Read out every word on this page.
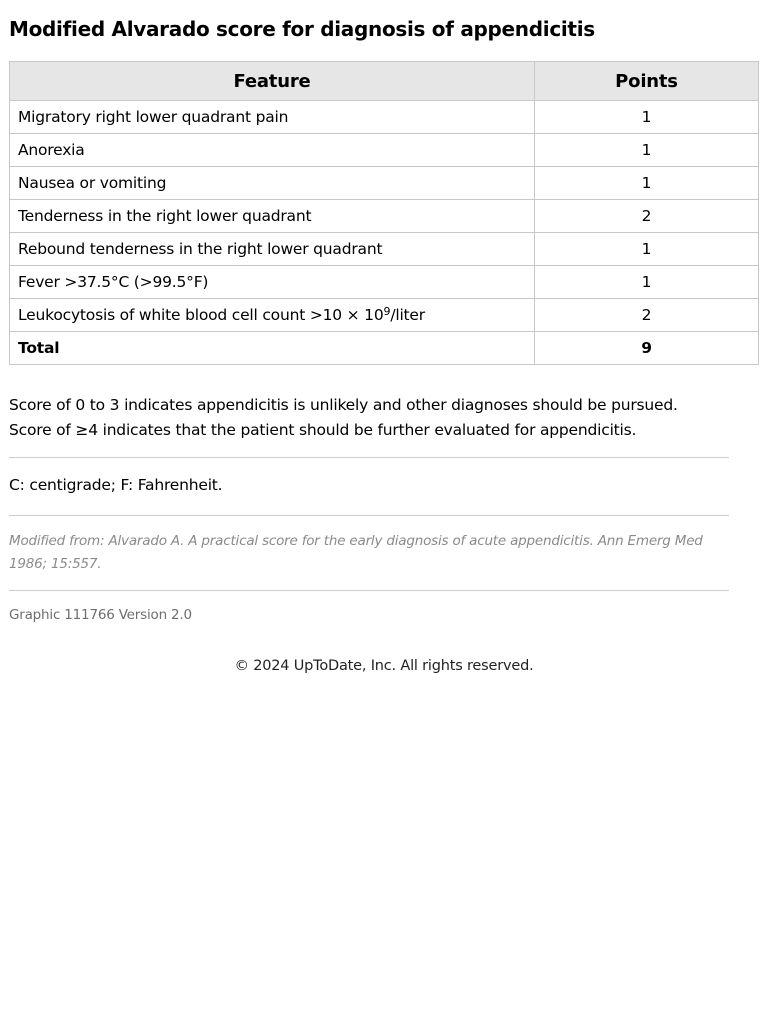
Modified Alvarado score for diagnosis of appendicitis
Feature	Points
Migratory right lower quadrant pain	1
Anorexia	1
Nausea or vomiting	1
Tenderness in the right lower quadrant	2
Rebound tenderness in the right lower quadrant	1
Fever >37.5°C (>99.5°F)	1
Leukocytosis of white blood cell count $>10 \times 10^9$/liter	2
Total	9

Score of 0 to 3 indicates appendicitis is unlikely and other diagnoses should be pursued.

Score of ≥4 indicates that the patient should be further evaluated for appendicitis.

C: centigrade; F: Fahrenheit.

Modified from: Alvarado A. A practical score for the early diagnosis of acute appendicitis. Ann Emerg Med 1986; 15:557.

Graphic 111766 Version 2.0

© 2024 UpToDate, Inc. All rights reserved.
